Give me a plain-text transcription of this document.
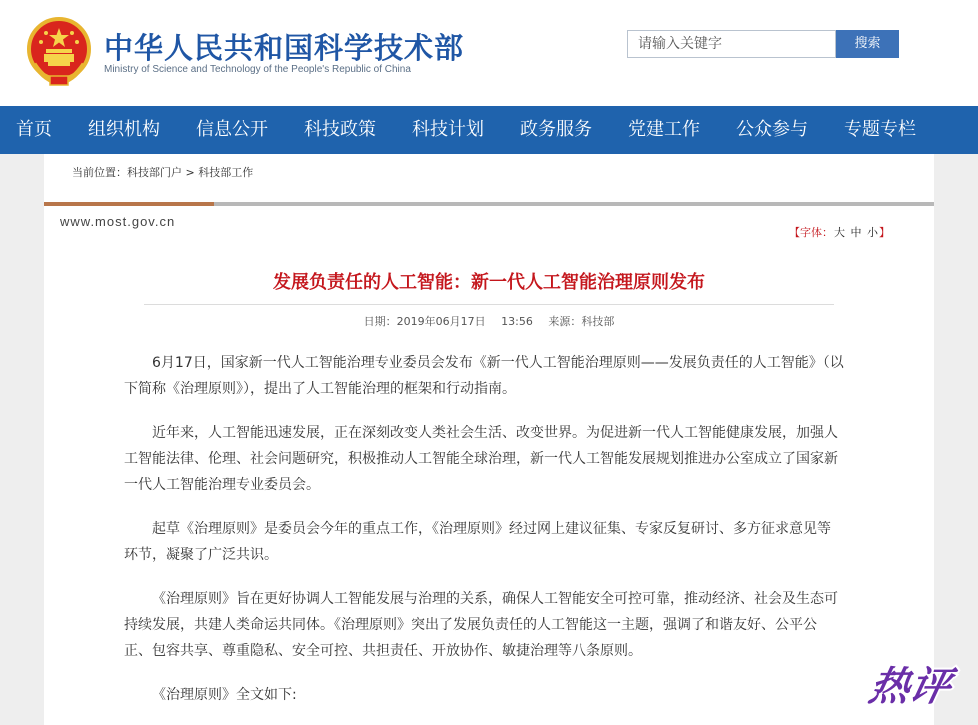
中华人民共和国科学技术部
Ministry of Science and Technology of the People's Republic of China
请输入关键字
搜索
首页 组织机构 信息公开 科技政策 科技计划 政务服务 党建工作 公众参与 专题专栏
当前位置：科技部门户 > 科技部工作
www.most.gov.cn
【字体：大 中 小】
发展负责任的人工智能：新一代人工智能治理原则发布
日期：2019年06月17日 13:56 来源：科技部

6月17日，国家新一代人工智能治理专业委员会发布《新一代人工智能治理原则——发展负责任的人工智能》（以下简称《治理原则》），提出了人工智能治理的框架和行动指南。

近年来，人工智能迅速发展，正在深刻改变人类社会生活、改变世界。为促进新一代人工智能健康发展，加强人工智能法律、伦理、社会问题研究，积极推动人工智能全球治理，新一代人工智能发展规划推进办公室成立了国家新一代人工智能治理专业委员会。

起草《治理原则》是委员会今年的重点工作，《治理原则》经过网上建议征集、专家反复研讨、多方征求意见等环节，凝聚了广泛共识。

《治理原则》旨在更好协调人工智能发展与治理的关系，确保人工智能安全可控可靠，推动经济、社会及生态可持续发展，共建人类命运共同体。《治理原则》突出了发展负责任的人工智能这一主题，强调了和谐友好、公平公正、包容共享、尊重隐私、安全可控、共担责任、开放协作、敏捷治理等八条原则。

《治理原则》全文如下:	热评
